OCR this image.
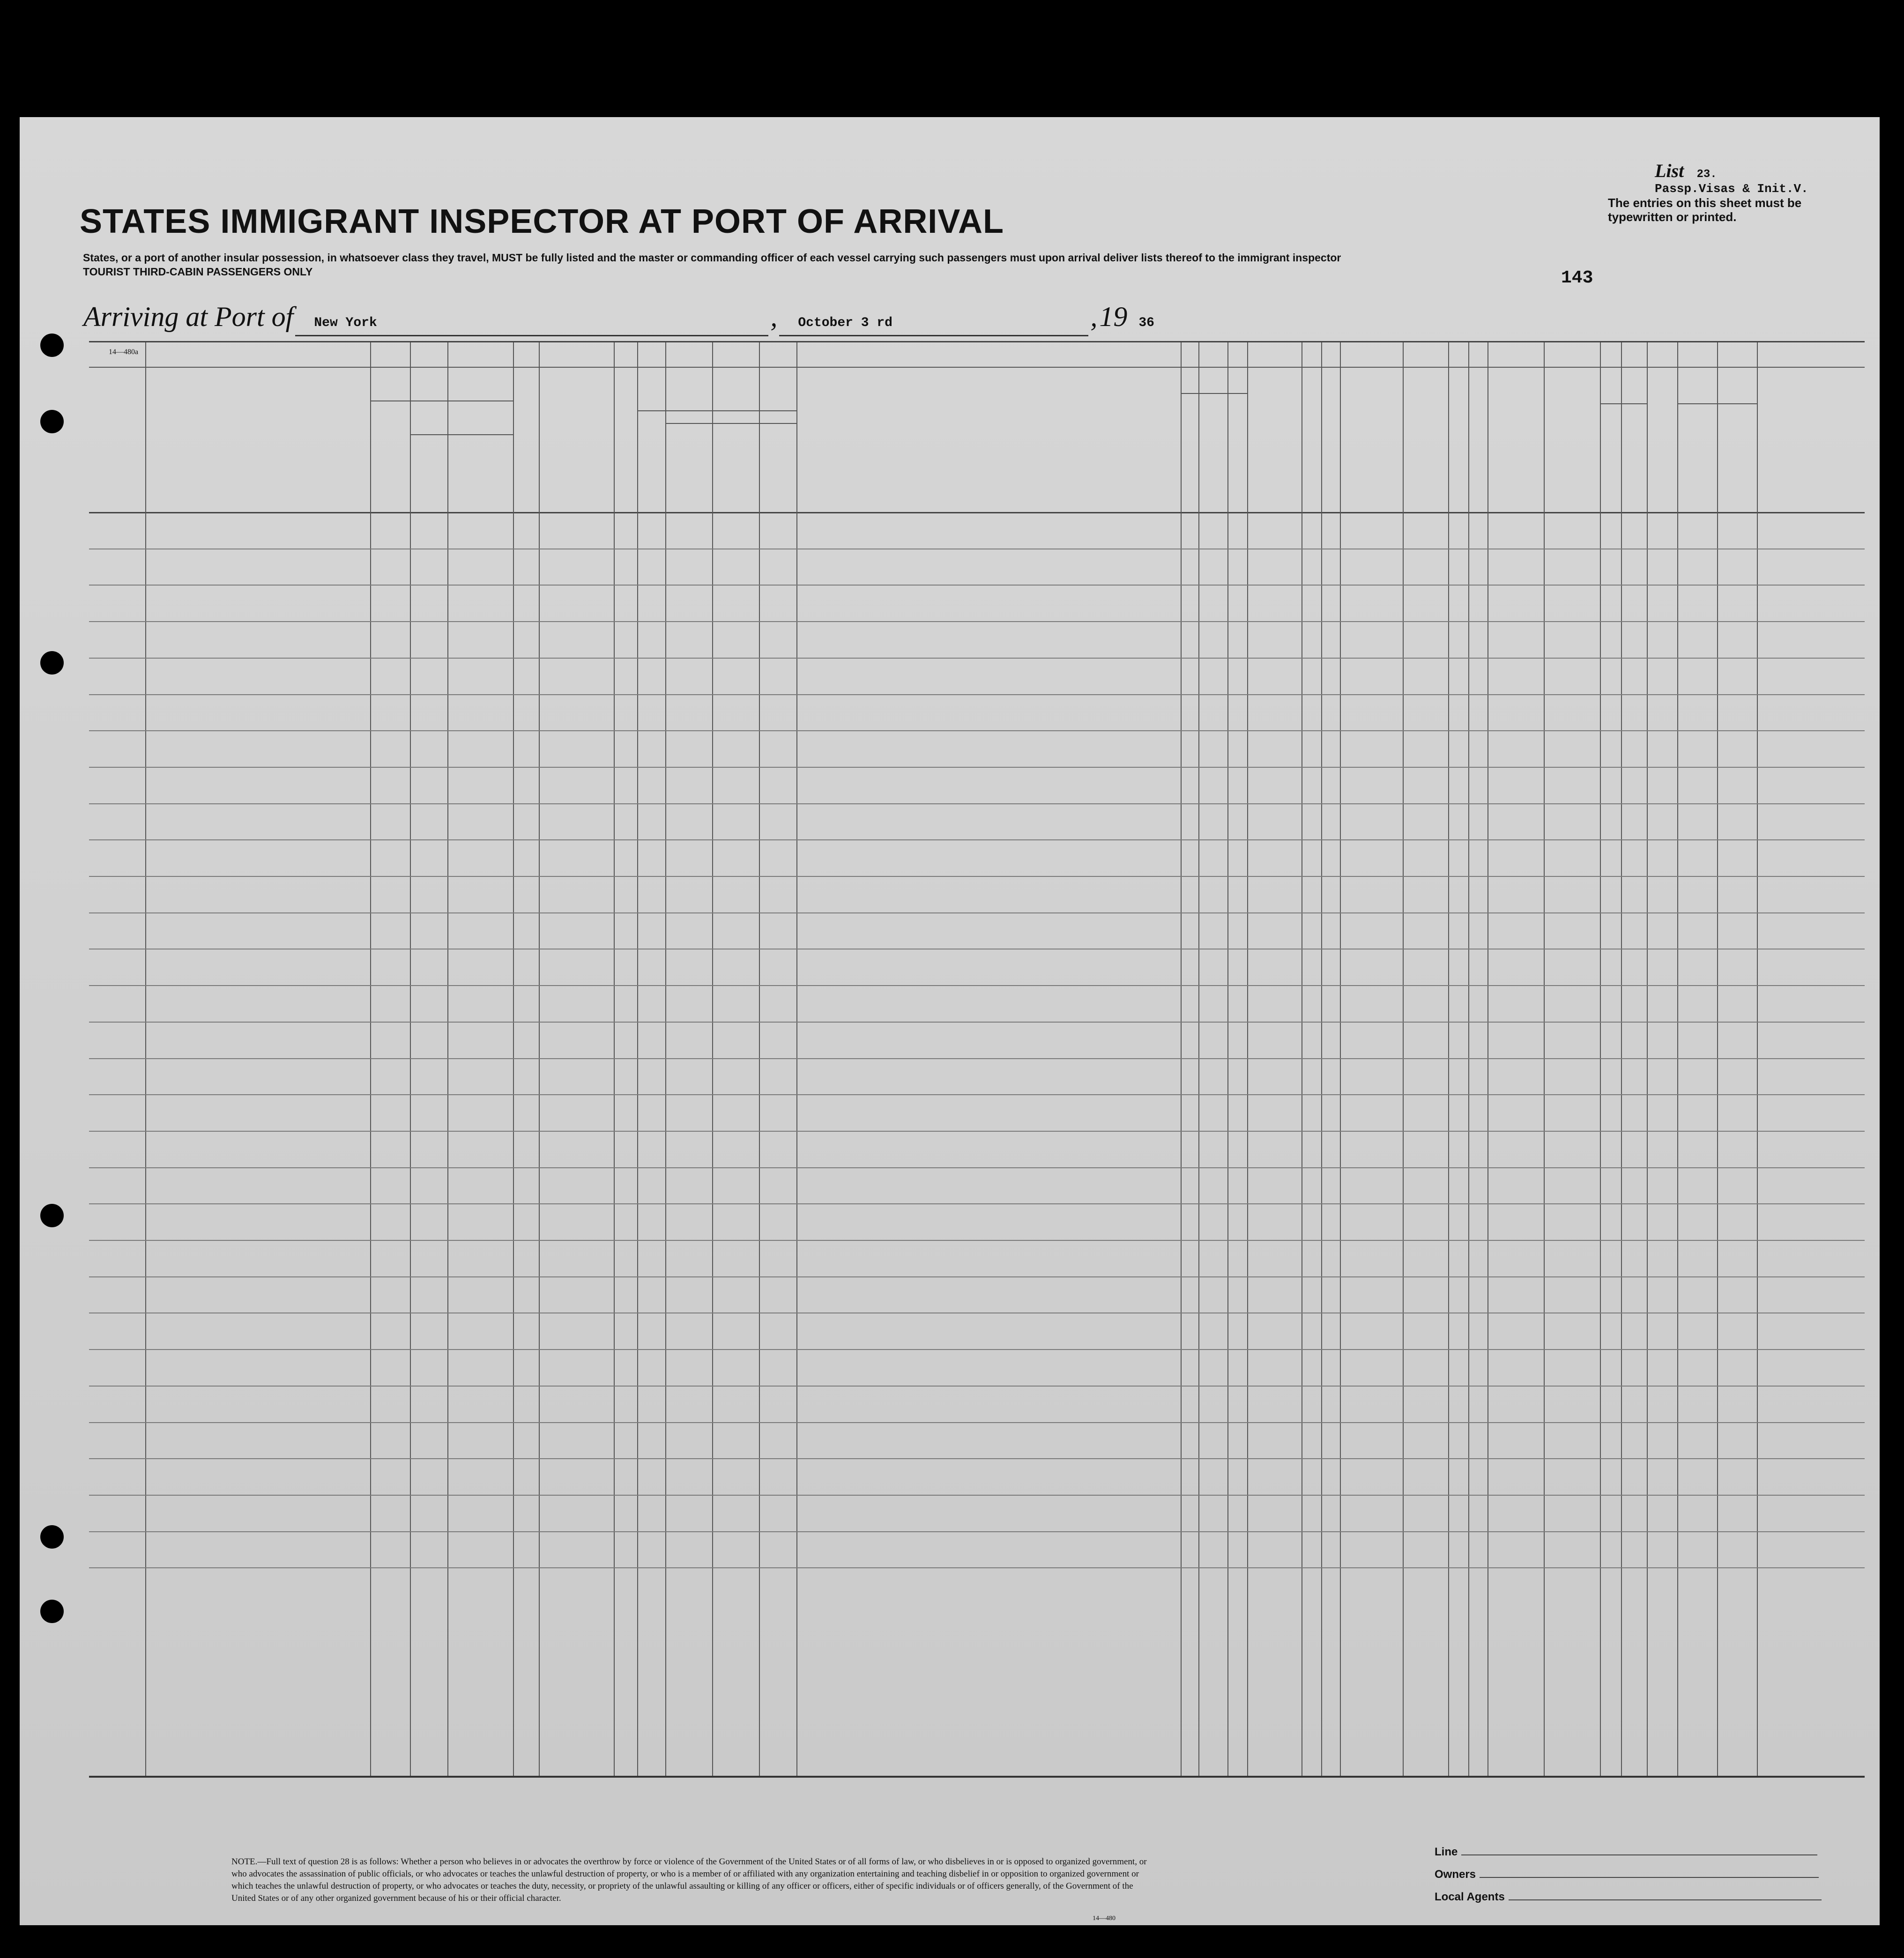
STATES IMMIGRANT INSPECTOR AT PORT OF ARRIVAL
States, or a port of another insular possession, in whatsoever class they travel, MUST be fully listed and the master or commanding officer of each vessel carrying such passengers must upon arrival deliver lists thereof to the immigrant inspector
TOURIST THIRD-CABIN PASSENGERS ONLY
List 23.
Passp.Visas & Init.V.
The entries on this sheet must be typewritten or printed.
143
Arriving at Port of New York	, October 3 rd	, 19 36
14—480a
NOTE.—Full text of question 28 is as follows: Whether a person who believes in or advocates the overthrow by force or violence of the Government of the United States or of all forms of law, or who disbelieves in or is opposed to organized government, or who advocates the assassination of public officials, or who advocates or teaches the unlawful destruction of property, or who is a member of or affiliated with any organization entertaining and teaching disbelief in or opposition to organized government or which teaches the unlawful destruction of property, or who advocates or teaches the duty, necessity, or propriety of the unlawful assaulting or killing of any officer or officers, either of specific individuals or of officers generally, of the Government of the United States or of any other organized government because of his or their official character.
14—480
Line
Owners
Local Agents
